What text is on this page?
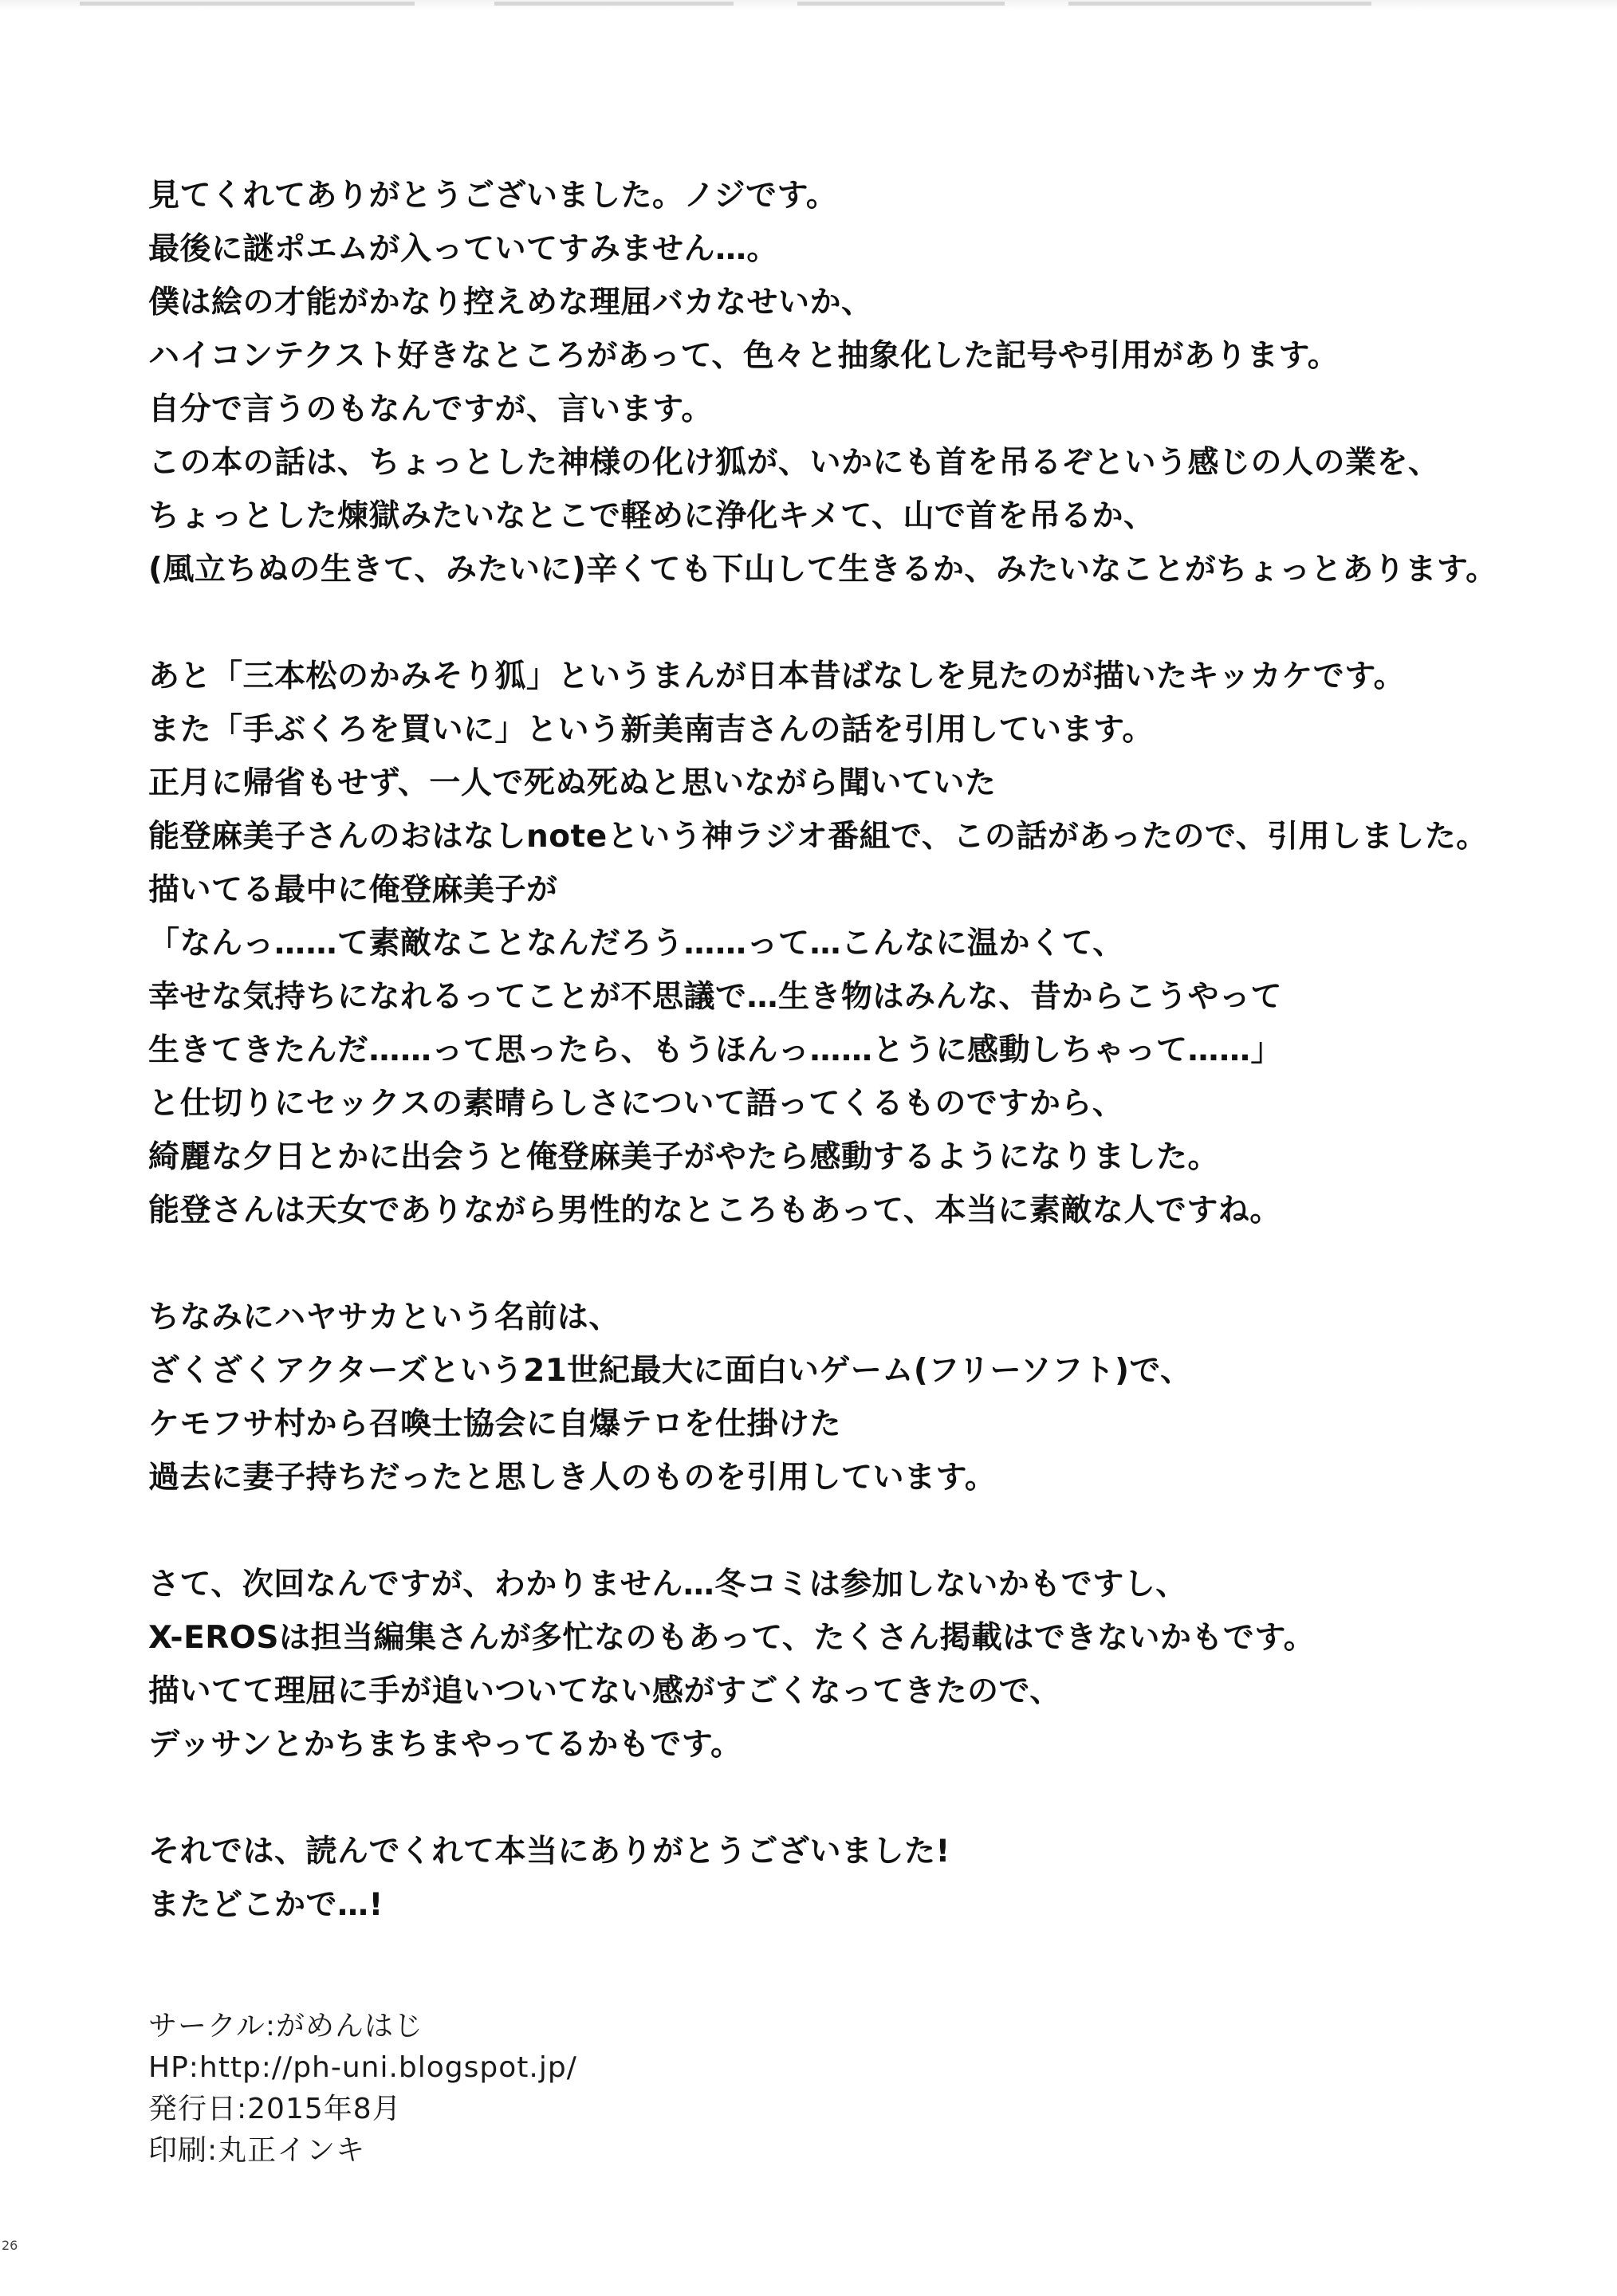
見てくれてありがとうございました。ノジです。
最後に謎ポエムが入っていてすみません…。
僕は絵の才能がかなり控えめな理屈バカなせいか、
ハイコンテクスト好きなところがあって、色々と抽象化した記号や引用があります。
自分で言うのもなんですが、言います。
この本の話は、ちょっとした神様の化け狐が、いかにも首を吊るぞという感じの人の業を、
ちょっとした煉獄みたいなとこで軽めに浄化キメて、山で首を吊るか、
(風立ちぬの生きて、みたいに)辛くても下山して生きるか、みたいなことがちょっとあります。
あと「三本松のかみそり狐」というまんが日本昔ばなしを見たのが描いたキッカケです。
また「手ぶくろを買いに」という新美南吉さんの話を引用しています。
正月に帰省もせず、一人で死ぬ死ぬと思いながら聞いていた
能登麻美子さんのおはなしnoteという神ラジオ番組で、この話があったので、引用しました。
描いてる最中に俺登麻美子が
「なんっ……て素敵なことなんだろう……って…こんなに温かくて、
幸せな気持ちになれるってことが不思議で…生き物はみんな、昔からこうやって
生きてきたんだ……って思ったら、もうほんっ……とうに感動しちゃって……」
と仕切りにセックスの素晴らしさについて語ってくるものですから、
綺麗な夕日とかに出会うと俺登麻美子がやたら感動するようになりました。
能登さんは天女でありながら男性的なところもあって、本当に素敵な人ですね。
ちなみにハヤサカという名前は、
ざくざくアクターズという21世紀最大に面白いゲーム(フリーソフト)で、
ケモフサ村から召喚士協会に自爆テロを仕掛けた
過去に妻子持ちだったと思しき人のものを引用しています。
さて、次回なんですが、わかりません…冬コミは参加しないかもですし、
X-EROSは担当編集さんが多忙なのもあって、たくさん掲載はできないかもです。
描いてて理屈に手が追いついてない感がすごくなってきたので、
デッサンとかちまちまやってるかもです。
それでは、読んでくれて本当にありがとうございました!
またどこかで…!
サークル:がめんはじ
HP:http://ph-uni.blogspot.jp/
発行日:2015年8月
印刷:丸正インキ
26
